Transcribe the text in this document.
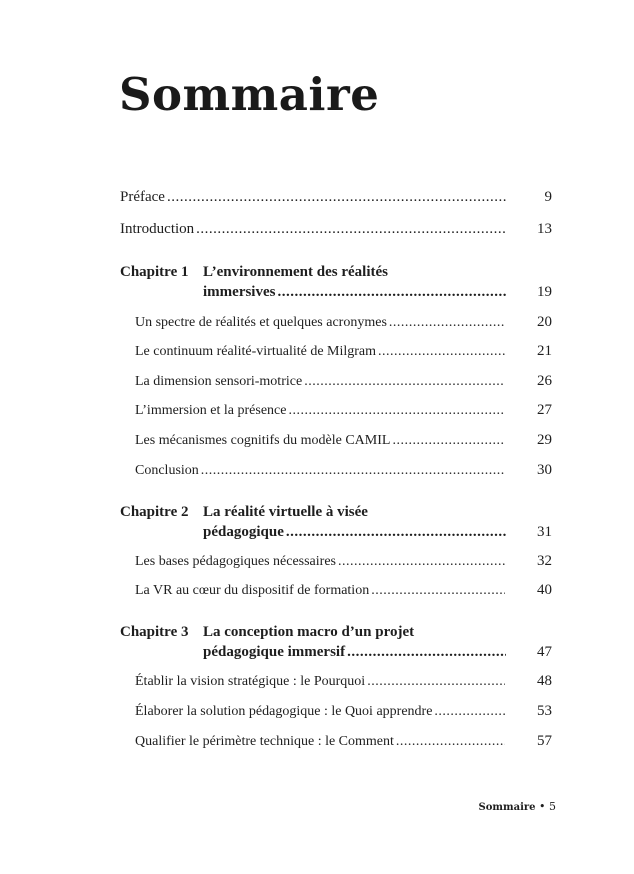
Sommaire
Préface .....	9
Introduction .....	13
Chapitre 1 L’environnement des réalités
immersives .....	19
Un spectre de réalités et quelques acronymes .....	20
Le continuum réalité-virtualité de Milgram .....	21
La dimension sensori-motrice .....	26
L’immersion et la présence .....	27
Les mécanismes cognitifs du modèle CAMIL .....	29
Conclusion .....	30
Chapitre 2 La réalité virtuelle à visée
pédagogique .....	31
Les bases pédagogiques nécessaires .....	32
La VR au cœur du dispositif de formation .....	40
Chapitre 3 La conception macro d’un projet
pédagogique immersif .....	47
Établir la vision stratégique : le Pourquoi .....	48
Élaborer la solution pédagogique : le Quoi apprendre .....	53
Qualifier le périmètre technique : le Comment .....	57
Sommaire • 5
